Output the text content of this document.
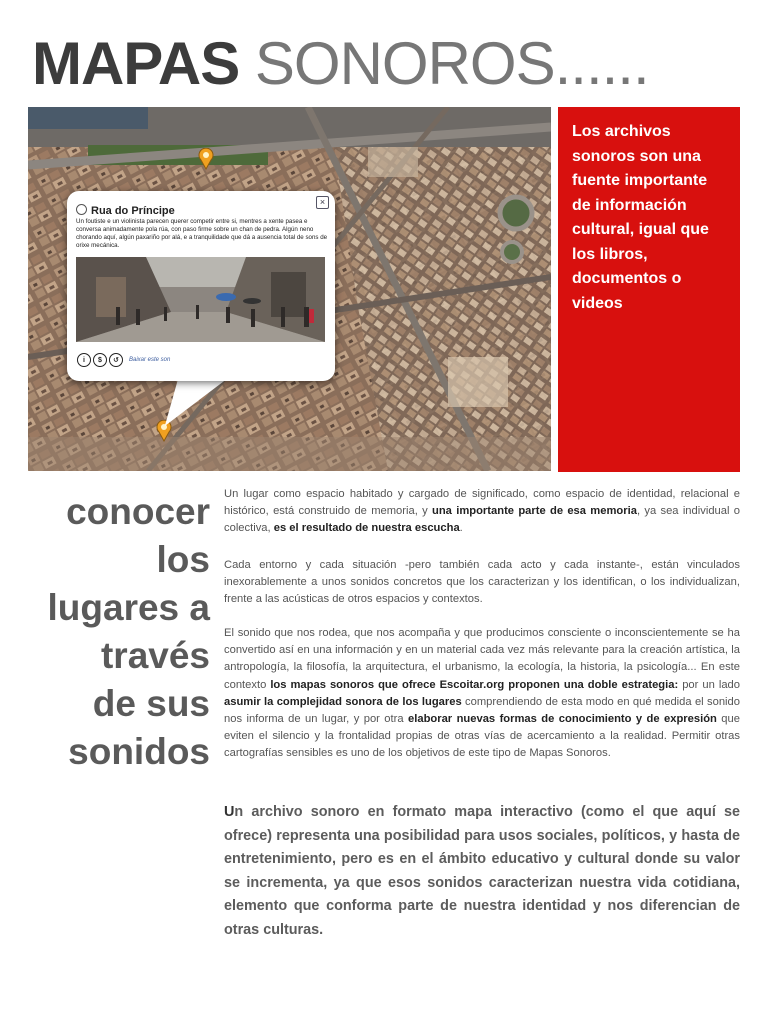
MAPAS SONOROS......
×
Rua do Príncipe
Un foutiste e un violinista parecen querer competir entre si, mentres a xente pasea e conversa animadamente pola rúa, con paso firme sobre un chan de pedra. Algún neno chorando aquí, algún paxariño por alá, e a tranquilidade que dá a ausencia total de sons de orixe mecánica.
i	$	↺	Baixar este son

Los archivos sonoros son una fuente importante de información cultural, igual que los libros, documentos o videos

conocer
los
lugares a
través
de sus
sonidos

Un lugar como espacio habitado y cargado de significado, como espacio de identidad, relacional e histórico, está construido de memoria, y una importante parte de esa memoria, ya sea individual o colectiva, es el resultado de nuestra escucha.

Cada entorno y cada situación -pero también cada acto y cada instante-, están vinculados inexorablemente a unos sonidos concretos que los caracterizan y los identifican, o los individualizan, frente a las acústicas de otros espacios y contextos.

El sonido que nos rodea, que nos acompaña y que producimos consciente o inconscientemente se ha convertido así en una información y en un material cada vez más relevante para la creación artística, la antropología, la filosofía, la arquitectura, el urbanismo, la ecología, la historia, la psicología... En este contexto los mapas sonoros que ofrece Escoitar.org proponen una doble estrategia: por un lado asumir la complejidad sonora de los lugares comprendiendo de esta modo en qué medida el sonido nos informa de un lugar, y por otra elaborar nuevas formas de conocimiento y de expresión que eviten el silencio y la frontalidad propias de otras vías de acercamiento a la realidad. Permitir otras cartografías sensibles es uno de los objetivos de este tipo de Mapas Sonoros.

Un archivo sonoro en formato mapa interactivo (como el que aquí se ofrece) representa una posibilidad para usos sociales, políticos, y hasta de entretenimiento, pero es en el ámbito educativo y cultural donde su valor se incrementa, ya que esos sonidos caracterizan nuestra vida cotidiana, elemento que conforma parte de nuestra identidad y nos diferencian de otras culturas.
